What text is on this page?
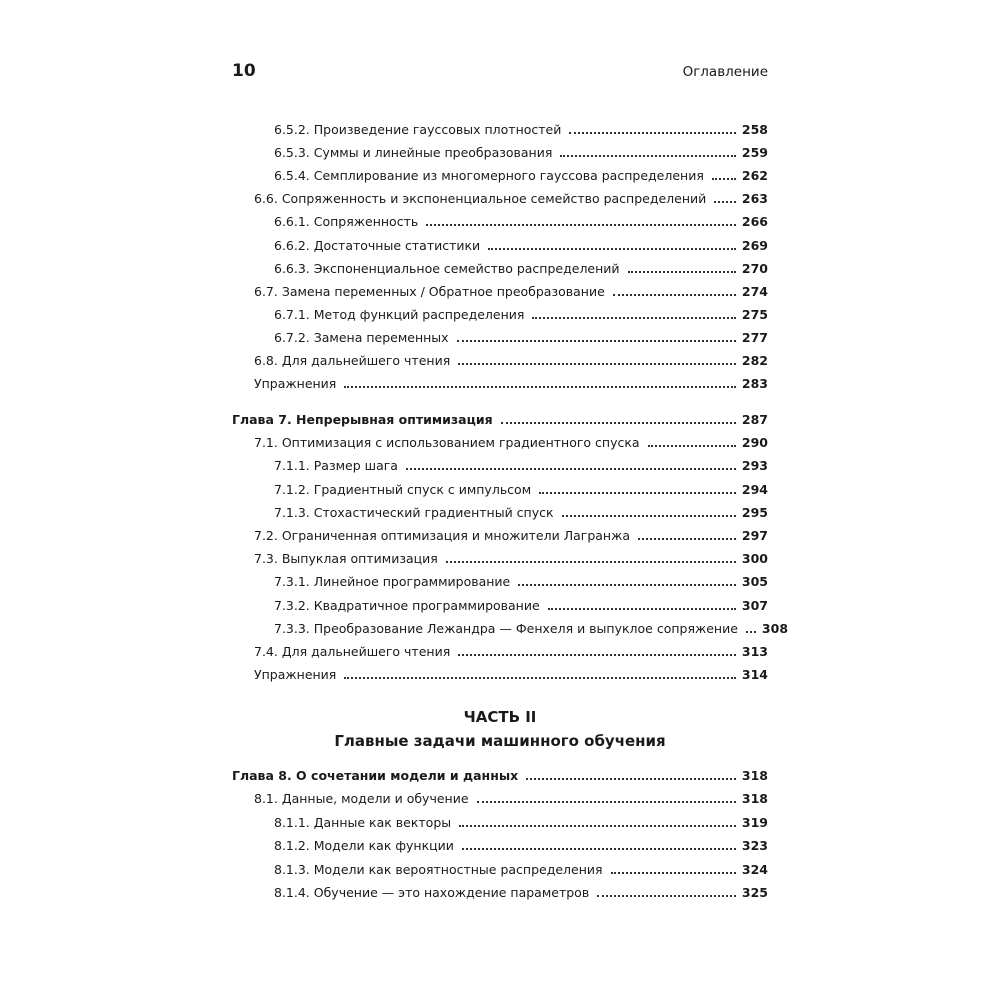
10	Оглавление
6.5.2. Произведение гауссовых плотностей	258
6.5.3. Суммы и линейные преобразования	259
6.5.4. Семплирование из многомерного гауссова распределения	262
6.6. Сопряженность и экспоненциальное семейство распределений	263
6.6.1. Сопряженность	266
6.6.2. Достаточные статистики	269
6.6.3. Экспоненциальное семейство распределений	270
6.7. Замена переменных / Обратное преобразование	274
6.7.1. Метод функций распределения	275
6.7.2. Замена переменных	277
6.8. Для дальнейшего чтения	282
Упражнения	283
Глава 7. Непрерывная оптимизация	287
7.1. Оптимизация с использованием градиентного спуска	290
7.1.1. Размер шага	293
7.1.2. Градиентный спуск с импульсом	294
7.1.3. Стохастический градиентный спуск	295
7.2. Ограниченная оптимизация и множители Лагранжа	297
7.3. Выпуклая оптимизация	300
7.3.1. Линейное программирование	305
7.3.2. Квадратичное программирование	307
7.3.3. Преобразование Лежандра — Фенхеля и выпуклое сопряжение 308
7.4. Для дальнейшего чтения	313
Упражнения	314
ЧАСТЬ II
Главные задачи машинного обучения
Глава 8. О сочетании модели и данных	318
8.1. Данные, модели и обучение	318
8.1.1. Данные как векторы	319
8.1.2. Модели как функции	323
8.1.3. Модели как вероятностные распределения	324
8.1.4. Обучение — это нахождение параметров	325
